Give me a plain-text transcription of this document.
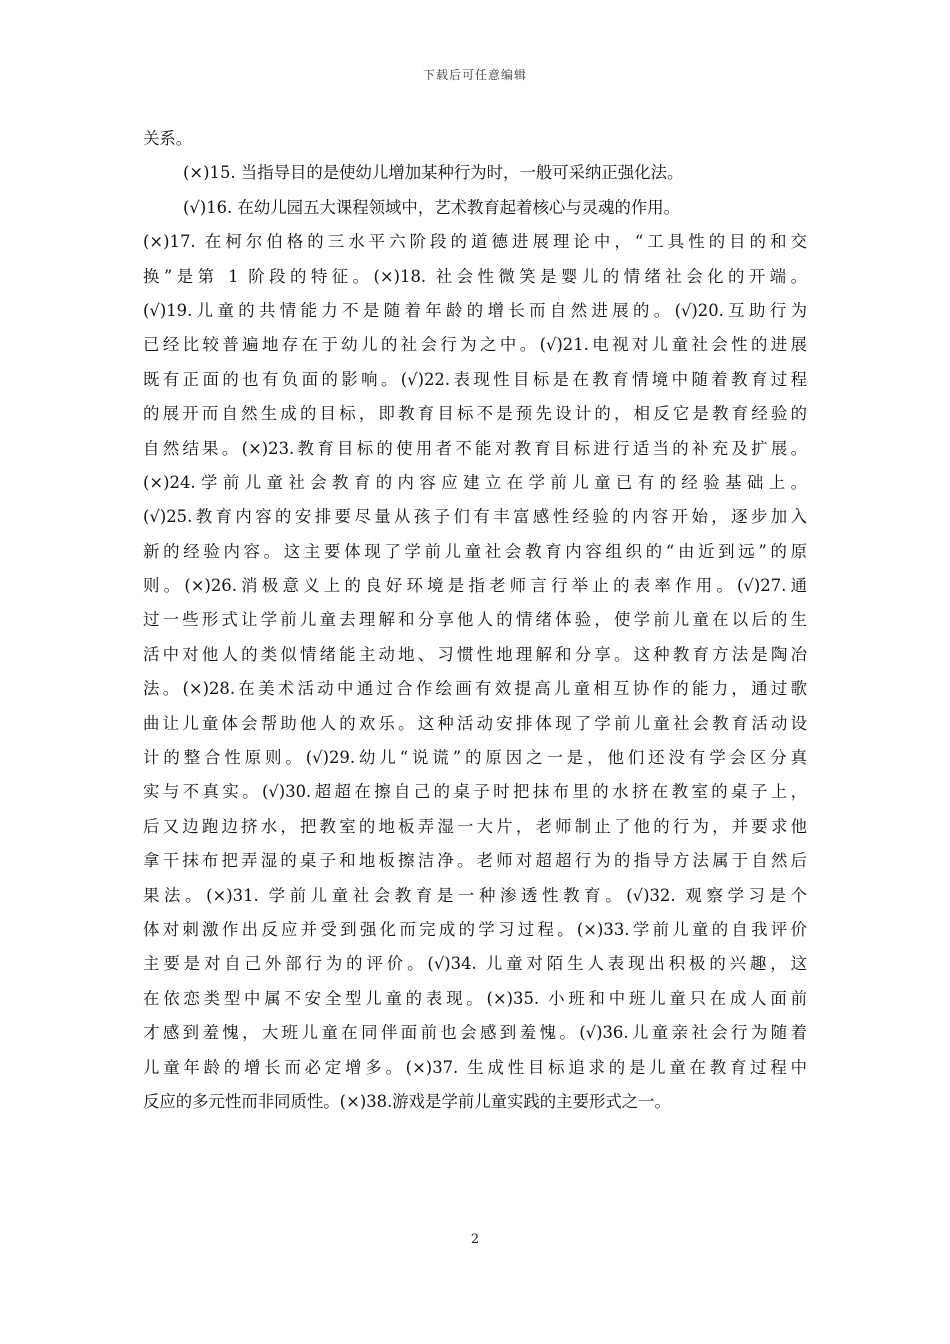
下载后可任意编辑
关系。
(×)15. 当指导目的是使幼儿增加某种行为时，一般可采纳正强化法。
(√)16. 在幼儿园五大课程领域中，艺术教育起着核心与灵魂的作用。
(×)17. 在柯尔伯格的三水平六阶段的道德进展理论中，“工具性的目的和交
换”是第 1 阶段的特征。(×)18. 社会性微笑是婴儿的情绪社会化的开端。
(√)19.儿童的共情能力不是随着年龄的增长而自然进展的。(√)20.互助行为
已经比较普遍地存在于幼儿的社会行为之中。(√)21.电视对儿童社会性的进展
既有正面的也有负面的影响。(√)22.表现性目标是在教育情境中随着教育过程
的展开而自然生成的目标，即教育目标不是预先设计的，相反它是教育经验的
自然结果。(×)23.教育目标的使用者不能对教育目标进行适当的补充及扩展。
(×)24.学前儿童社会教育的内容应建立在学前儿童已有的经验基础上。
(√)25.教育内容的安排要尽量从孩子们有丰富感性经验的内容开始，逐步加入
新的经验内容。这主要体现了学前儿童社会教育内容组织的“由近到远”的原
则。(×)26.消极意义上的良好环境是指老师言行举止的表率作用。(√)27.通
过一些形式让学前儿童去理解和分享他人的情绪体验，使学前儿童在以后的生
活中对他人的类似情绪能主动地、习惯性地理解和分享。这种教育方法是陶冶
法。(×)28.在美术活动中通过合作绘画有效提高儿童相互协作的能力，通过歌
曲让儿童体会帮助他人的欢乐。这种活动安排体现了学前儿童社会教育活动设
计的整合性原则。(√)29.幼儿“说谎”的原因之一是，他们还没有学会区分真
实与不真实。(√)30.超超在擦自己的桌子时把抹布里的水挤在教室的桌子上，
后又边跑边挤水，把教室的地板弄湿一大片，老师制止了他的行为，并要求他
拿干抹布把弄湿的桌子和地板擦洁净。老师对超超行为的指导方法属于自然后
果法。(×)31. 学前儿童社会教育是一种渗透性教育。(√)32. 观察学习是个
体对刺激作出反应并受到强化而完成的学习过程。(×)33.学前儿童的自我评价
主要是对自己外部行为的评价。(√)34. 儿童对陌生人表现出积极的兴趣，这
在依恋类型中属不安全型儿童的表现。(×)35. 小班和中班儿童只在成人面前
才感到羞愧，大班儿童在同伴面前也会感到羞愧。(√)36.儿童亲社会行为随着
儿童年龄的增长而必定增多。(×)37. 生成性目标追求的是儿童在教育过程中
反应的多元性而非同质性。(×)38.游戏是学前儿童实践的主要形式之一。
2
